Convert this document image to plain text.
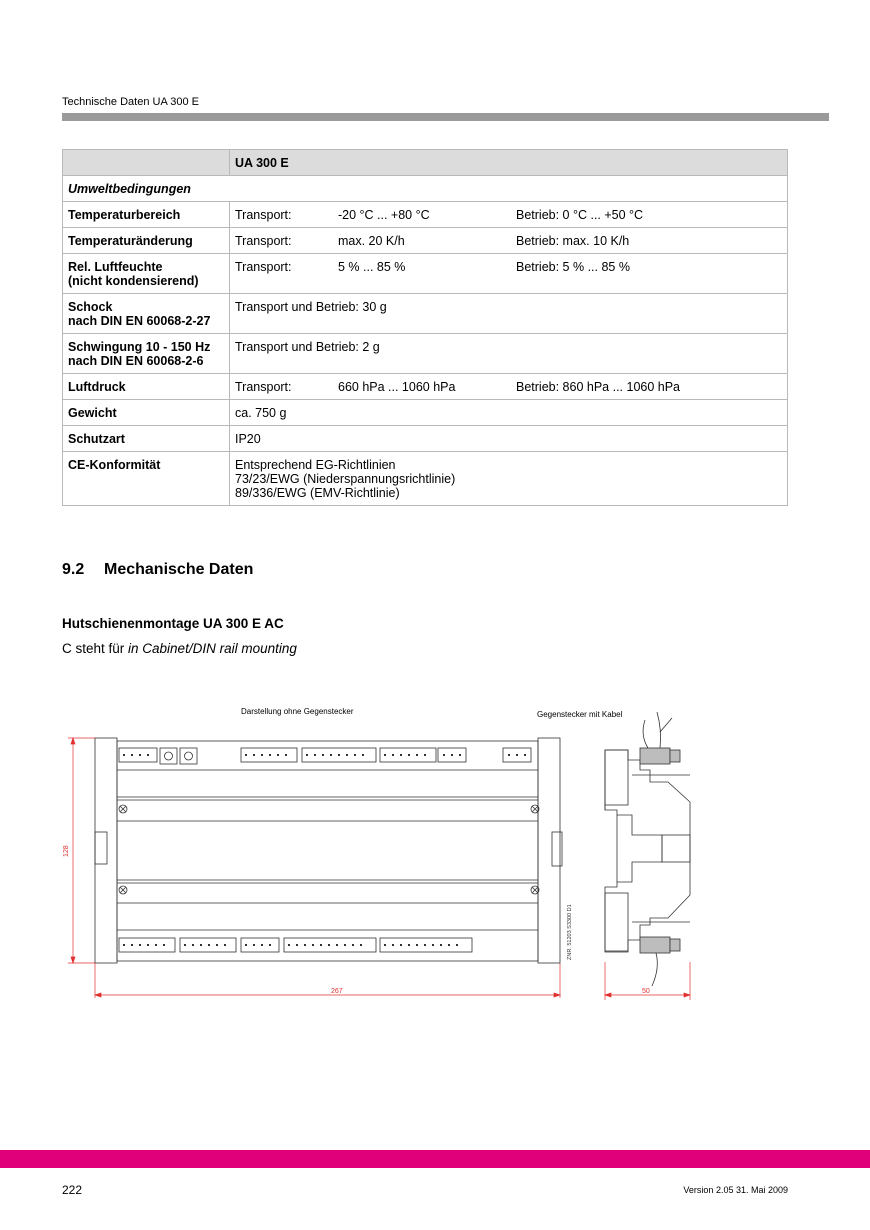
Technische Daten UA 300 E
	UA 300 E
Umweltbedingungen	
Temperaturbereich	Transport: -20 °C ... +80 °C Betrieb: 0 °C ... +50 °C
Temperaturänderung	Transport: max. 20 K/h Betrieb: max. 10 K/h

Rel. Luftfeuchte
(nicht kondensierend)	Transport: 5 % ... 85 % Betrieb: 5 % ... 85 %

Schock
nach DIN EN 60068-2-27	Transport und Betrieb: 30 g

Schwingung 10 - 150 Hz
nach DIN EN 60068-2-6	Transport und Betrieb: 2 g
Luftdruck	Transport: 660 hPa ... 1060 hPa Betrieb: 860 hPa ... 1060 hPa
Gewicht	ca. 750 g
Schutzart	IP20
CE-Konformität	Entsprechend EG-Richtlinien
73/23/EWG (Niederspannungsrichtlinie)
89/336/EWG (EMV-Richtlinie)
9.2 Mechanische Daten
Hutschienenmontage UA 300 E AC
C steht für in Cabinet/DIN rail mounting
Darstellung ohne Gegenstecker	Gegenstecker mit Kabel
ZNR. 51203 S3300 D1
128
267	50
222	Version 2.05 31. Mai 2009
